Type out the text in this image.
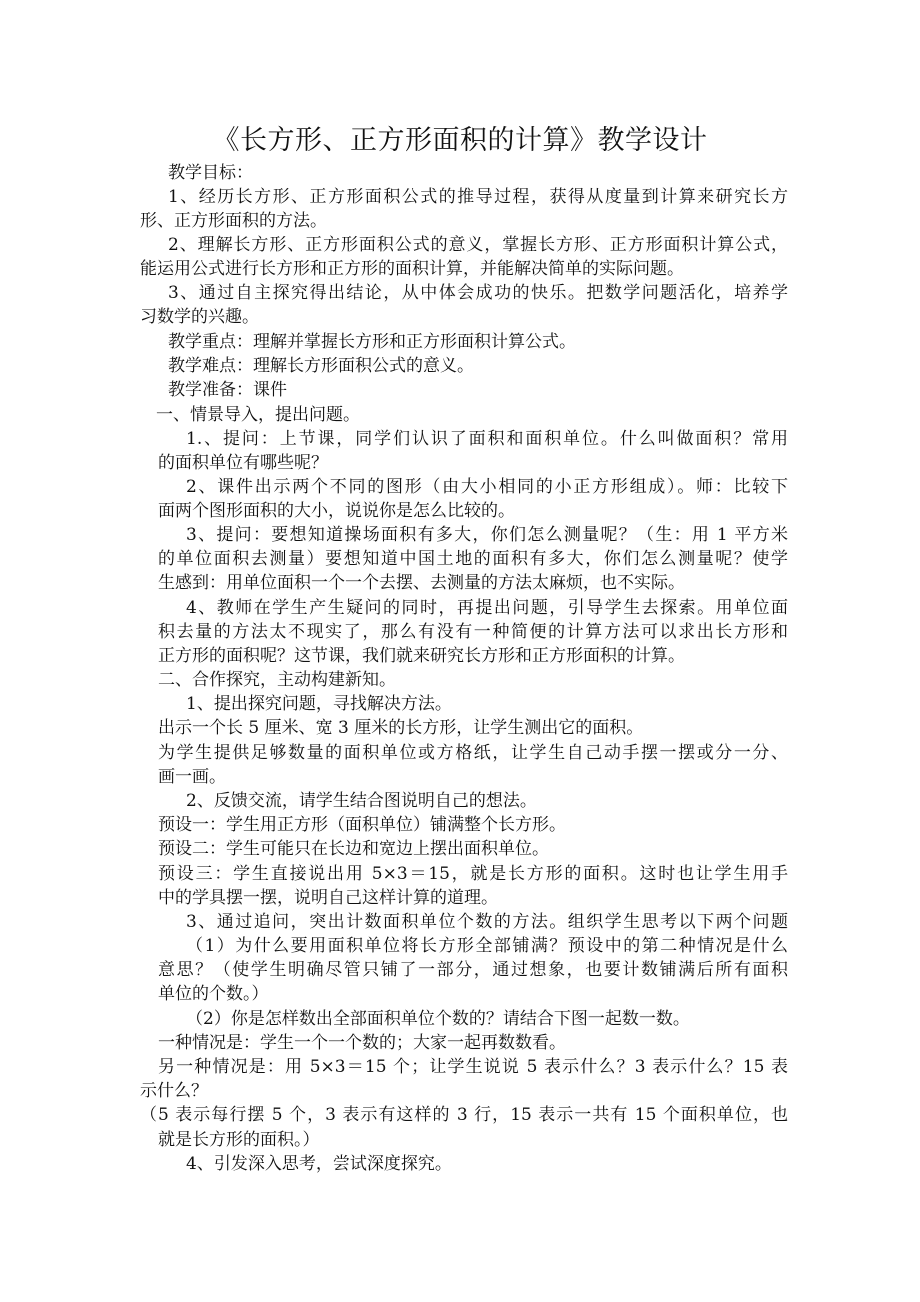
《长方形、正方形面积的计算》教学设计
教学目标：
1、经历长方形、正方形面积公式的推导过程，获得从度量到计算来研究长方
形、正方形面积的方法。
2、理解长方形、正方形面积公式的意义，掌握长方形、正方形面积计算公式，
能运用公式进行长方形和正方形的面积计算，并能解决简单的实际问题。
3、通过自主探究得出结论，从中体会成功的快乐。把数学问题活化，培养学
习数学的兴趣。
教学重点：理解并掌握长方形和正方形面积计算公式。
教学难点：理解长方形面积公式的意义。
教学准备：课件
一、情景导入，提出问题。
1.、提问：上节课，同学们认识了面积和面积单位。什么叫做面积？常用
的面积单位有哪些呢？
2、课件出示两个不同的图形（由大小相同的小正方形组成）。师：比较下
面两个图形面积的大小，说说你是怎么比较的。
3、提问：要想知道操场面积有多大，你们怎么测量呢？（生：用 1 平方米
的单位面积去测量）要想知道中国土地的面积有多大，你们怎么测量呢？使学
生感到：用单位面积一个一个去摆、去测量的方法太麻烦，也不实际。
4、教师在学生产生疑问的同时，再提出问题，引导学生去探索。用单位面
积去量的方法太不现实了，那么有没有一种简便的计算方法可以求出长方形和
正方形的面积呢？这节课，我们就来研究长方形和正方形面积的计算。
二、合作探究，主动构建新知。
1、提出探究问题，寻找解决方法。
出示一个长 5 厘米、宽 3 厘米的长方形，让学生测出它的面积。
为学生提供足够数量的面积单位或方格纸，让学生自己动手摆一摆或分一分、
画一画。
2、反馈交流，请学生结合图说明自己的想法。
预设一：学生用正方形（面积单位）铺满整个长方形。
预设二：学生可能只在长边和宽边上摆出面积单位。
预设三：学生直接说出用 5×3＝15，就是长方形的面积。这时也让学生用手
中的学具摆一摆，说明自己这样计算的道理。
3、通过追问，突出计数面积单位个数的方法。组织学生思考以下两个问题
（1）为什么要用面积单位将长方形全部铺满？预设中的第二种情况是什么
意思？（使学生明确尽管只铺了一部分，通过想象，也要计数铺满后所有面积
单位的个数。）
（2）你是怎样数出全部面积单位个数的？请结合下图一起数一数。
一种情况是：学生一个一个数的；大家一起再数数看。
另一种情况是：用 5×3＝15 个；让学生说说 5 表示什么？3 表示什么？15 表
示什么？
（5 表示每行摆 5 个，3 表示有这样的 3 行，15 表示一共有 15 个面积单位，也
就是长方形的面积。）
4、引发深入思考，尝试深度探究。
